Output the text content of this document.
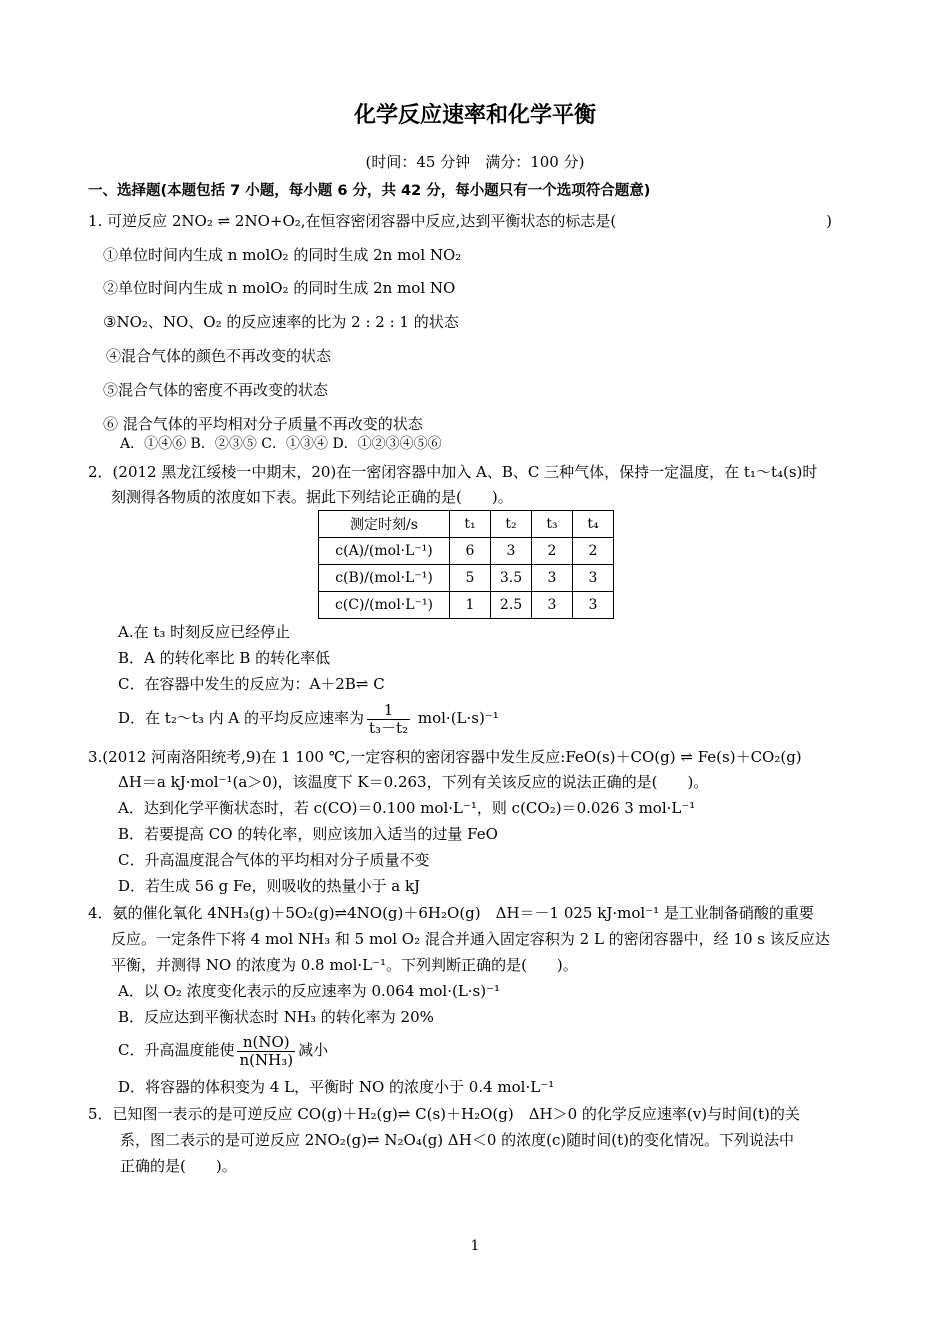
化学反应速率和化学平衡
(时间：45 分钟　满分：100 分)
一、选择题(本题包括 7 小题，每小题 6 分，共 42 分，每小题只有一个选项符合题意)
1. 可逆反应 2NO₂ ⇌ 2NO+O₂,在恒容密闭容器中反应,达到平衡状态的标志是(　　　　　　　　　　　　　　)
①单位时间内生成 n molO₂ 的同时生成 2n mol NO₂
②单位时间内生成 n molO₂ 的同时生成 2n mol NO
③NO₂、NO、O₂ 的反应速率的比为 2 : 2 : 1 的状态
④混合气体的颜色不再改变的状态
⑤混合气体的密度不再改变的状态
⑥ 混合气体的平均相对分子质量不再改变的状态
A．①④⑥ B．②③⑤ C．①③④ D．①②③④⑤⑥
2．(2012 黑龙江绥棱一中期末，20)在一密闭容器中加入 A、B、C 三种气体，保持一定温度，在 t₁～t₄(s)时
刻测得各物质的浓度如下表。据此下列结论正确的是(　　)。
测定时刻/s	t₁	t₂	t₃	t₄
c(A)/(mol·L⁻¹)	6	3	2	2
c(B)/(mol·L⁻¹)	5	3.5	3	3
c(C)/(mol·L⁻¹)	1	2.5	3	3
A.在 t₃ 时刻反应已经停止
B．A 的转化率比 B 的转化率低
C．在容器中发生的反应为：A＋2B⇌ C
D．在 t₂～t₃ 内 A 的平均反应速率为 $\frac{1}{\text{t₃－t₂}} mol\cdot(L\cdot s)^{-1}$
3.(2012 河南洛阳统考,9)在 1 100 ℃,一定容积的密闭容器中发生反应:FeO(s)＋CO(g) ⇌ Fe(s)＋CO₂(g)
ΔH＝a kJ·mol⁻¹(a＞0)，该温度下 K＝0.263，下列有关该反应的说法正确的是(　　)。
A．达到化学平衡状态时，若 c(CO)＝0.100 mol·L⁻¹，则 c(CO₂)＝0.026 3 mol·L⁻¹
B．若要提高 CO 的转化率，则应该加入适当的过量 FeO
C．升高温度混合气体的平均相对分子质量不变
D．若生成 56 g Fe，则吸收的热量小于 a kJ
4．氨的催化氧化 4NH₃(g)＋5O₂(g)⇌4NO(g)＋6H₂O(g)　ΔH＝－1 025 kJ·mol⁻¹ 是工业制备硝酸的重要
反应。一定条件下将 4 mol NH₃ 和 5 mol O₂ 混合并通入固定容积为 2 L 的密闭容器中，经 10 s 该反应达
平衡，并测得 NO 的浓度为 0.8 mol·L⁻¹。下列判断正确的是(　　)。
A．以 O₂ 浓度变化表示的反应速率为 0.064 mol·(L·s)⁻¹
B．反应达到平衡状态时 NH₃ 的转化率为 20%
C．升高温度能使 $\frac{n(NO)}{\text{n(NH₃)}}$ 减小
D．将容器的体积变为 4 L，平衡时 NO 的浓度小于 0.4 mol·L⁻¹
5．已知图一表示的是可逆反应 CO(g)＋H₂(g)⇌ C(s)＋H₂O(g)　ΔH＞0 的化学反应速率(v)与时间(t)的关
系，图二表示的是可逆反应 2NO₂(g)⇌ N₂O₄(g) ΔH＜0 的浓度(c)随时间(t)的变化情况。下列说法中
正确的是(　　)。
1
